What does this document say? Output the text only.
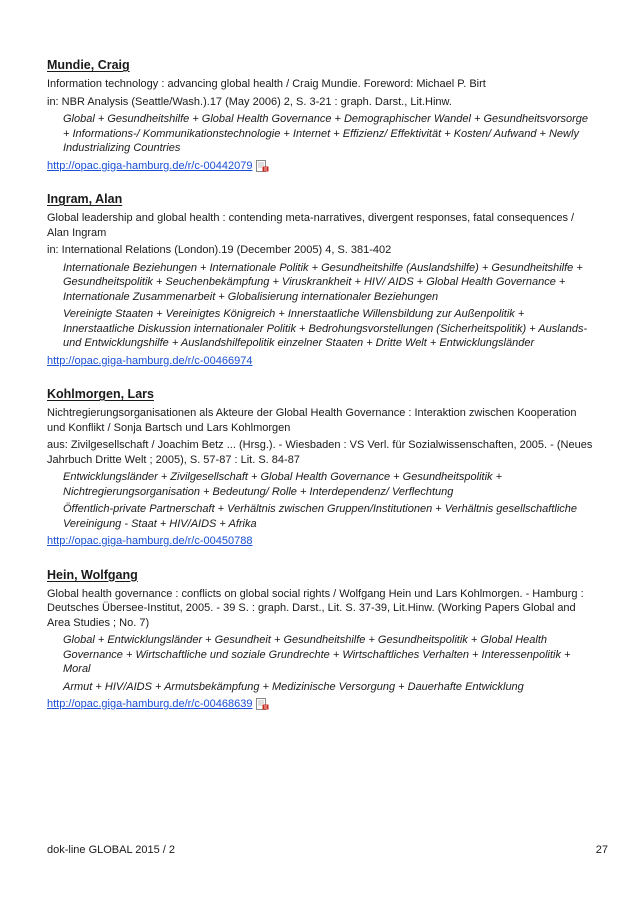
Mundie, Craig
Information technology : advancing global health / Craig Mundie. Foreword: Michael P. Birt
in: NBR Analysis (Seattle/Wash.).17 (May 2006) 2, S. 3-21 : graph. Darst., Lit.Hinw.
Global + Gesundheitshilfe + Global Health Governance + Demographischer Wandel + Gesundheitsvorsorge + Informations-/ Kommunikationstechnologie + Internet + Effizienz/ Effektivität + Kosten/ Aufwand + Newly Industrializing Countries
http://opac.giga-hamburg.de/r/c-00442079
Ingram, Alan
Global leadership and global health : contending meta-narratives, divergent responses, fatal consequences / Alan Ingram
in: International Relations (London).19 (December 2005) 4, S. 381-402
Internationale Beziehungen + Internationale Politik + Gesundheitshilfe (Auslandshilfe) + Gesundheitshilfe + Gesundheitspolitik + Seuchenbekämpfung + Viruskrankheit + HIV/ AIDS + Global Health Governance + Internationale Zusammenarbeit + Globalisierung internationaler Beziehungen
Vereinigte Staaten + Vereinigtes Königreich + Innerstaatliche Willensbildung zur Außenpolitik + Innerstaatliche Diskussion internationaler Politik + Bedrohungsvorstellungen (Sicherheitspolitik) + Auslands- und Entwicklungshilfe + Auslandshilfepolitik einzelner Staaten + Dritte Welt + Entwicklungsländer
http://opac.giga-hamburg.de/r/c-00466974
Kohlmorgen, Lars
Nichtregierungsorganisationen als Akteure der Global Health Governance : Interaktion zwischen Kooperation und Konflikt / Sonja Bartsch und Lars Kohlmorgen
aus: Zivilgesellschaft / Joachim Betz ... (Hrsg.). - Wiesbaden : VS Verl. für Sozialwissenschaften, 2005. - (Neues Jahrbuch Dritte Welt ; 2005), S. 57-87 : Lit. S. 84-87
Entwicklungsländer + Zivilgesellschaft + Global Health Governance + Gesundheitspolitik + Nichtregierungsorganisation + Bedeutung/ Rolle + Interdependenz/ Verflechtung
Öffentlich-private Partnerschaft + Verhältnis zwischen Gruppen/Institutionen + Verhältnis gesellschaftliche Vereinigung - Staat + HIV/AIDS + Afrika
http://opac.giga-hamburg.de/r/c-00450788
Hein, Wolfgang
Global health governance : conflicts on global social rights / Wolfgang Hein und Lars Kohlmorgen. - Hamburg : Deutsches Übersee-Institut, 2005. - 39 S. : graph. Darst., Lit. S. 37-39, Lit.Hinw. (Working Papers Global and Area Studies ; No. 7)
Global + Entwicklungsländer + Gesundheit + Gesundheitshilfe + Gesundheitspolitik + Global Health Governance + Wirtschaftliche und soziale Grundrechte + Wirtschaftliches Verhalten + Interessenpolitik + Moral
Armut + HIV/AIDS + Armutsbekämpfung + Medizinische Versorgung + Dauerhafte Entwicklung
http://opac.giga-hamburg.de/r/c-00468639
dok-line GLOBAL 2015 / 2	27
